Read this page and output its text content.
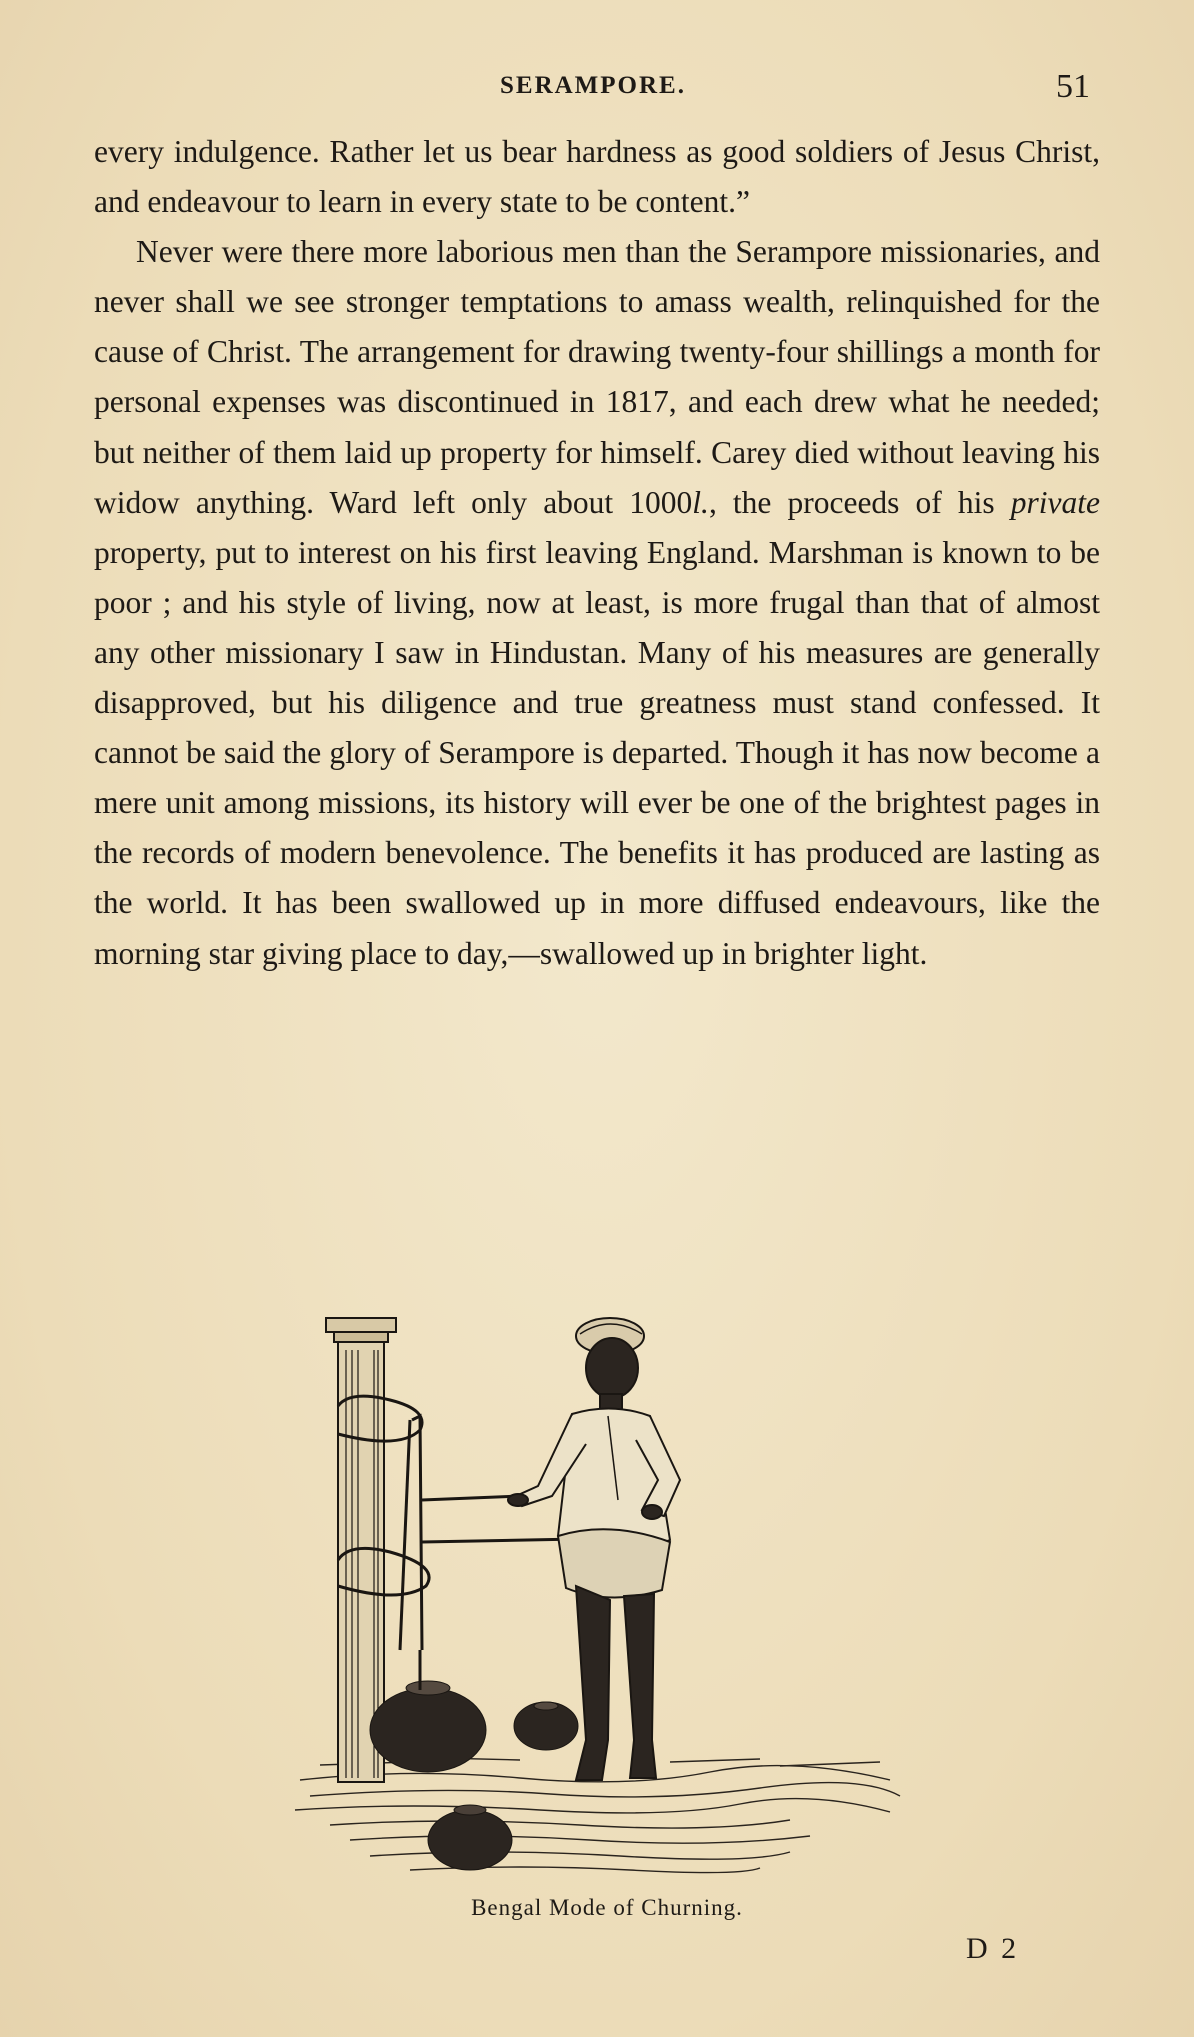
SERAMPORE.	51

every indulgence. Rather let us bear hardness as good soldiers of Jesus Christ, and endeavour to learn in every state to be content.”

Never were there more laborious men than the Serampore missionaries, and never shall we see stronger temptations to amass wealth, relinquished for the cause of Christ. The arrangement for drawing twenty-four shillings a month for personal expenses was discontinued in 1817, and each drew what he needed; but neither of them laid up property for himself. Carey died without leaving his widow anything. Ward left only about 1000l., the proceeds of his private property, put to interest on his first leaving England. Marshman is known to be poor ; and his style of living, now at least, is more frugal than that of almost any other missionary I saw in Hindustan. Many of his measures are generally disapproved, but his diligence and true greatness must stand confessed. It cannot be said the glory of Serampore is departed. Though it has now become a mere unit among missions, its history will ever be one of the brightest pages in the records of modern benevolence. The benefits it has produced are lasting as the world. It has been swallowed up in more diffused endeavours, like the morning star giving place to day,—swallowed up in brighter light.

Bengal Mode of Churning.
D 2
